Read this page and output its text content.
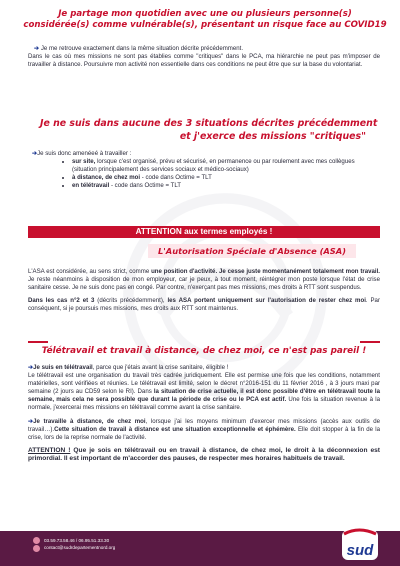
Je partage mon quotidien avec une ou plusieurs personne(s)
considérée(s) comme vulnérable(s), présentant un risque face au COVID19

➔ Je me retrouve exactement dans la même situation décrite précédemment.

Dans le cas où mes missions ne sont pas établies comme "critiques" dans le PCA, ma hiérarchie ne peut pas m'imposer de travailler à distance. Poursuivre mon activité non essentielle dans ces conditions ne peut être que sur la base du volontariat.

Je ne suis dans aucune des 3 situations décrites précédemment
et j'exerce des missions "critiques"

➔Je suis donc amenéeé à travailler :

• sur site, lorsque c'est organisé, prévu et sécurisé, en permanence ou par roulement avec mes collègues (situation principalement des services sociaux et médico-sociaux)
• à distance, de chez moi - code dans Octime = TLT
• en télétravail - code dans Octime = TLT
ATTENTION aux termes employés !
L'Autorisation Spéciale d'Absence (ASA)

L'ASA est considérée, au sens strict, comme une position d'activité. Je cesse juste momentanément totalement mon travail. Je reste néanmoins à disposition de mon employeur, car je peux, à tout moment, réintégrer mon poste lorsque l'état de crise sanitaire cesse. Je ne suis donc pas en congé. Par contre, n'exerçant pas mes missions, mes droits à RTT sont suspendus.

Dans les cas n°2 et 3 (décrits précédemment), les ASA portent uniquement sur l'autorisation de rester chez moi. Par conséquent, si je poursuis mes missions, mes droits aux RTT sont maintenus.

Télétravail et travail à distance, de chez moi, ce n'est pas pareil !

➔Je suis en télétravail, parce que j'étais avant la crise sanitaire, éligible !

Le télétravail est une organisation du travail très cadrée juridiquement. Elle est permise une fois que les conditions, notamment matérielles, sont vérifiées et réunies. Le télétravail est limité, selon le décret n°2016-151 du 11 février 2016 , à 3 jours maxi par semaine (2 jours au CD59 selon le RI). Dans la situation de crise actuelle, il est donc possible d'être en télétravail toute la semaine, mais cela ne sera possible que durant la période de crise ou le PCA est actif. Une fois la situation revenue à la normale, j'exercerai mes missions en télétravail comme avant la crise sanitaire.

➔Je travaille à distance, de chez moi, lorsque j'ai les moyens minimum d'exercer mes missions (accès aux outils de travail…).Cette situation de travail à distance est une situation exceptionnelle et éphémère. Elle doit stopper à la fin de la crise, lors de la reprise normale de l'activité.

ATTENTION ! Que je sois en télétravail ou en travail à distance, de chez moi, le droit à la déconnexion est primordial. Il est important de m'accorder des pauses, de respecter mes horaires habituels de travail.

03.59.73.58.46 / 06.95.51.33.30
contact@sudrdepartementnord.org	sud
